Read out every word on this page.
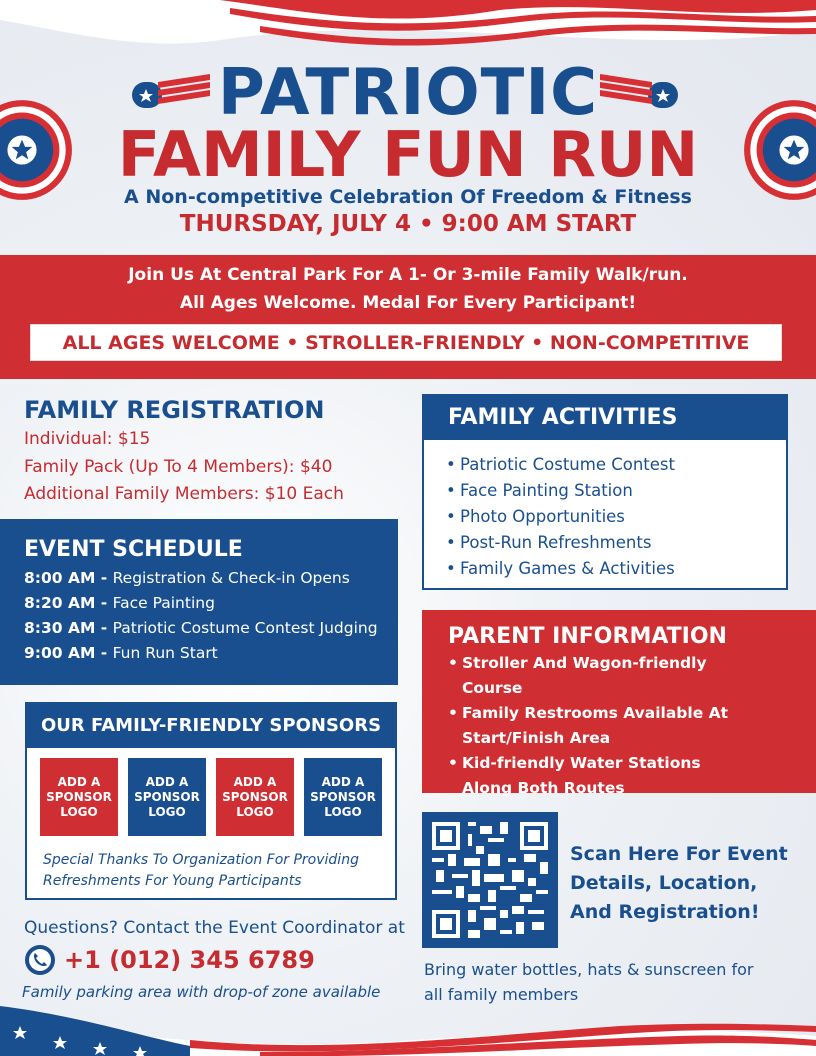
PATRIOTIC
FAMILY FUN RUN
A Non-competitive Celebration Of Freedom & Fitness
THURSDAY, JULY 4 • 9:00 AM START
Join Us At Central Park For A 1- Or 3-mile Family Walk/run.
All Ages Welcome. Medal For Every Participant!
ALL AGES WELCOME • STROLLER-FRIENDLY • NON-COMPETITIVE
FAMILY REGISTRATION
Individual: $15
Family Pack (Up To 4 Members): $40
Additional Family Members: $10 Each
EVENT SCHEDULE
8:00 AM - Registration & Check-in Opens
8:20 AM - Face Painting
8:30 AM - Patriotic Costume Contest Judging
9:00 AM - Fun Run Start
OUR FAMILY-FRIENDLY SPONSORS
ADD A
SPONSOR
LOGO
ADD A
SPONSOR
LOGO
ADD A
SPONSOR
LOGO
ADD A
SPONSOR
LOGO
Special Thanks To Organization For Providing Refreshments For Young Participants
FAMILY ACTIVITIES
• Patriotic Costume Contest
• Face Painting Station
• Photo Opportunities
• Post-Run Refreshments
• Family Games & Activities
PARENT INFORMATION
• Stroller And Wagon-friendly Course
• Family Restrooms Available At Start/Finish Area
• Kid-friendly Water Stations Along Both Routes
Scan Here For Event Details, Location, And Registration!
Bring water bottles, hats & sunscreen for all family members
Questions? Contact the Event Coordinator at
+1 (012) 345 6789
Family parking area with drop-of zone available
